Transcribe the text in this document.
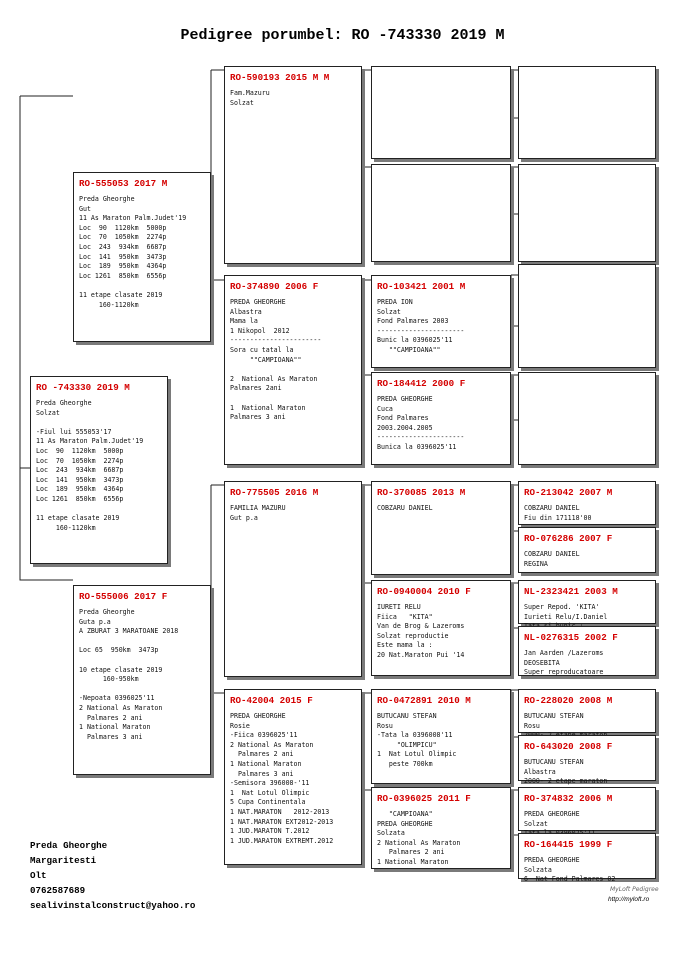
Pedigree porumbel: RO -743330 2019 M
RO -743330 2019 M
Preda Gheorghe
Solzat

-Fiul lui 555053'17
11 As Maraton Palm.Judet'19
Loc  90  1120km  5000p
Loc  70  1050km  2274p
Loc  243  934km  6687p
Loc  141  950km  3473p
Loc  189  950km  4364p
Loc 1261  850km  6556p

11 etape clasate 2019
160-1120km
RO-555053 2017 M
Preda Gheorghe
Gut
11 As Maraton Palm.Judet'19
Loc  90  1120km  5000p
Loc  70  1050km  2274p
Loc  243  934km  6687p
Loc  141  950km  3473p
Loc  189  950km  4364p
Loc 1261  850km  6556p

11 etape clasate 2019
160-1120km
RO-555006 2017 F
Preda Gheorghe
Guta p.a
A ZBURAT 3 MARATOANE 2018

Loc 65  950km  3473p

10 etape clasate 2019
160-950km

-Nepoata 0396025'11
2 National As Maraton
Palmares 2 ani
1 National Maraton
Palmares 3 ani
RO-590193 2015 M M
Fam.Mazuru
Solzat
RO-374890 2006 F
PREDA GHEORGHE
Albastra
Mama la
1 Nikopol  2012
-----------------------
Sora cu tatal la
""CAMPIOANA""

2  National As Maraton
Palmares 2ani

1  National Maraton
Palmares 3 ani
RO-775505 2016 M
FAMILIA MAZURU
Gut p.a
RO-42004 2015 F
PREDA GHEORGHE
Rosie
-Fiica 0396025'11
2 National As Maraton
Palmares 2 ani
1 National Maraton
Palmares 3 ani
-Semisora 396008-'11
1  Nat Lotul Olimpic
5 Cupa Continentala
1 NAT.MARATON   2012-2013
1 NAT.MARATON EXT2012-2013
1 JUD.MARATON T.2012
1 JUD.MARATON EXTREMT.2012
RO-103421 2001 M
PREDA ION
Solzat
Fond Palmares 2003
----------------------
Bunic la 0396025'11
""CAMPIOANA""
RO-184412 2000 F
PREDA GHEORGHE
Cuca
Fond Palmares
2003.2004.2005
----------------------
Bunica la 0396025'11
RO-370085 2013 M
COBZARU DANIEL
RO-0940004 2010 F
IURETI RELU
Fiica   "KITA"
Van de Brog & Lazeroms
Solzat reproductie
Este mama la :
20 Nat.Maraton Pui '14
RO-0472891 2010 M
BUTUCANU STEFAN
Rosu
-Tata la 0396008'11
"OLIMPICU"
1  Nat Lotul Olimpic
peste 700km
RO-0396025 2011 F
"CAMPIOANA"
PREDA GHEORGHE
Solzata
2 National As Maraton
Palmares 2 ani
1 National Maraton
RO-213042 2007 M
COBZARU DANIEL
Fiu din 171118'00
RO-076286 2007 F
COBZARU DANIEL
REGINA
NL-2323421 2003 M
Super Repod. 'KITA'
Iurieti Relu/I.Daniel

NL-0276315 2002 F
Jan Aarden /Lazeroms
DEOSEBITA
Super reproducatoare
RO-228020 2008 M
BUTUCANU STEFAN
Rosu

RO-643020 2008 F
BUTUCANU STEFAN
Albastra
2000- 2 etape maraton
RO-374832 2006 M
PREDA GHEORGHE
Solzat

RO-164415 1999 F
PREDA GHEORGHE
Solzata
6  Nat Fond Palmares 02
Preda Gheorghe
Margaritesti
Olt
0762587689
sealivinstalconstruct@yahoo.ro
MyLoft Pedigree
http://myloft.ro
